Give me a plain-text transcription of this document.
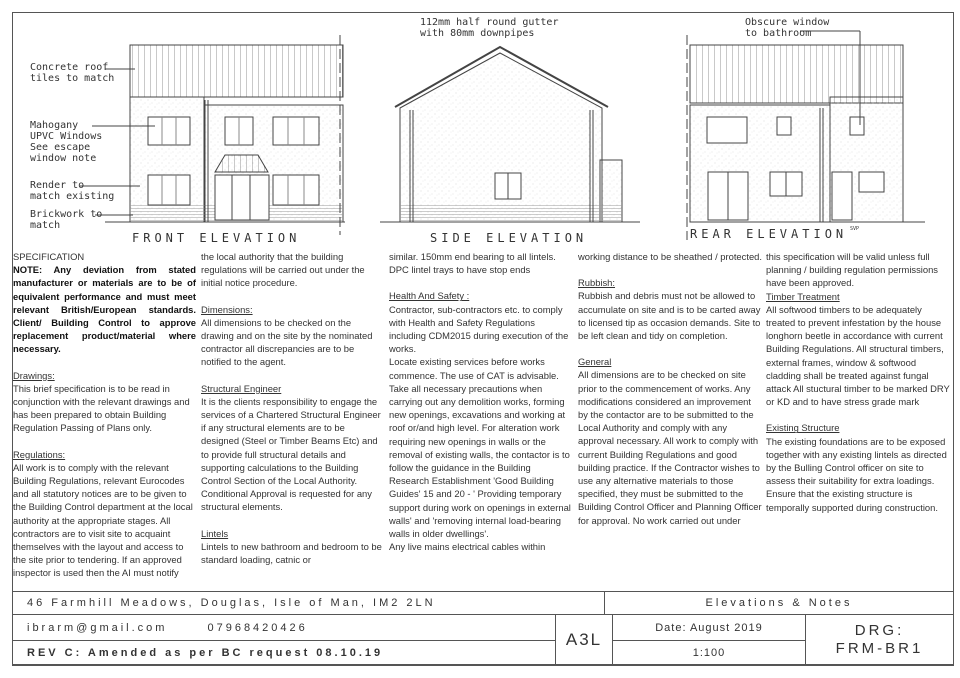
Concrete roof
tiles to match
Mahogany
UPVC Windows
See escape
window note
Render to
match existing
Brickwork to
match
112mm half round gutter
with 80mm downpipes
Obscure window
to bathroom
FRONT ELEVATION	SIDE ELEVATION	REAR ELEVATION SVP

SPECIFICATION

NOTE: Any deviation from stated manufacturer or materials are to be of equivalent performance and must meet relevant British/European standards. Client/ Building Control to approve replacement product/material where necessary.

Drawings:

This brief specification is to be read in conjunction with the relevant drawings and has been prepared to obtain Building Regulation Passing of Plans only.

Regulations:

All work is to comply with the relevant Building Regulations, relevant Eurocodes and all statutory notices are to be given to the Building Control department at the local authority at the appropriate stages. All contractors are to visit site to acquaint themselves with the layout and access to the site prior to tendering. If an approved inspector is used then the AI must notify

the local authority that the building regulations will be carried out under the initial notice procedure.

Dimensions:

All dimensions to be checked on the drawing and on the site by the nominated contractor all discrepancies are to be notified to the agent.

Structural Engineer

It is the clients responsibility to engage the services of a Chartered Structural Engineer if any structural elements are to be designed (Steel or Timber Beams Etc) and to provide full structural details and supporting calculations to the Building Control Section of the Local Authority. Conditional Approval is requested for any structural elements.

Lintels

Lintels to new bathroom and bedroom to be standard loading, catnic or

similar. 150mm end bearing to all lintels. DPC lintel trays to have stop ends

Health And Safety :

Contractor, sub-contractors etc. to comply with Health and Safety Regulations including CDM2015 during execution of the works.

Locate existing services before works commence. The use of CAT is advisable. Take all necessary precautions when carrying out any demolition works, forming new openings, excavations and working at roof or/and high level. For alteration work requiring new openings in walls or the removal of existing walls, the contactor is to follow the guidance in the Building Research Establishment 'Good Building Guides' 15 and 20 - ' Providing temporary support during work on openings in external walls' and 'removing internal load-bearing walls in older dwellings'.

Any live mains electrical cables within

working distance to be sheathed / protected.

Rubbish:

Rubbish and debris must not be allowed to accumulate on site and is to be carted away to licensed tip as occasion demands. Site to be left clean and tidy on completion.

General

All dimensions are to be checked on site prior to the commencement of works. Any modifications considered an improvement by the contactor are to be submitted to the Local Authority and comply with any approval necessary. All work to comply with current Building Regulations and good building practice. If the Contractor wishes to use any alternative materials to those specified, they must be submitted to the Building Control Officer and Planning Officer for approval. No work carried out under

this specification will be valid unless full planning / building regulation permissions have been approved.

Timber Treatment

All softwood timbers to be adequately treated to prevent infestation by the house longhorn beetle in accordance with current Building Regulations. All structural timbers, external frames, window & softwood cladding shall be treated against fungal attack All stuctural timber to be marked DRY or KD and to have stress grade mark

Existing Structure

The existing foundations are to be exposed together with any existing lintels as directed by the Bulling Control officer on site to assess their suitability for extra loadings. Ensure that the existing structure is temporally supported during construction.

46 Farmhill Meadows, Douglas, Isle of Man, IM2 2LN	Elevations & Notes
ibrarm@gmail.com	07968420426
REV C: Amended as per BC request 08.10.19
A3L
Date: August 2019
1:100
DRG:
FRM-BR1
